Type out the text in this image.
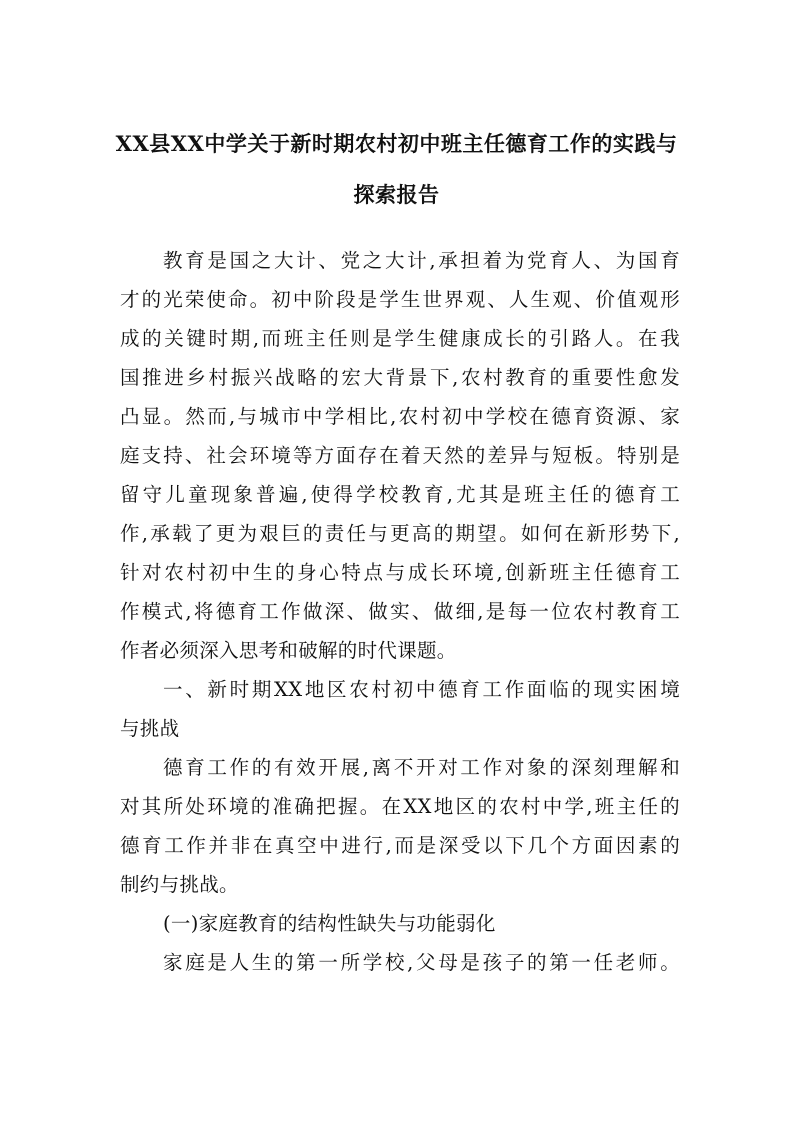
XX县XX中学关于新时期农村初中班主任德育工作的实践与
探索报告
教育是国之大计、党之大计,承担着为党育人、为国育
才的光荣使命。初中阶段是学生世界观、人生观、价值观形
成的关键时期,而班主任则是学生健康成长的引路人。在我
国推进乡村振兴战略的宏大背景下,农村教育的重要性愈发
凸显。然而,与城市中学相比,农村初中学校在德育资源、家
庭支持、社会环境等方面存在着天然的差异与短板。特别是
留守儿童现象普遍,使得学校教育,尤其是班主任的德育工
作,承载了更为艰巨的责任与更高的期望。如何在新形势下,
针对农村初中生的身心特点与成长环境,创新班主任德育工
作模式,将德育工作做深、做实、做细,是每一位农村教育工
作者必须深入思考和破解的时代课题。
一、新时期XX地区农村初中德育工作面临的现实困境
与挑战
德育工作的有效开展,离不开对工作对象的深刻理解和
对其所处环境的准确把握。在XX地区的农村中学,班主任的
德育工作并非在真空中进行,而是深受以下几个方面因素的
制约与挑战。
(一)家庭教育的结构性缺失与功能弱化
家庭是人生的第一所学校,父母是孩子的第一任老师。
